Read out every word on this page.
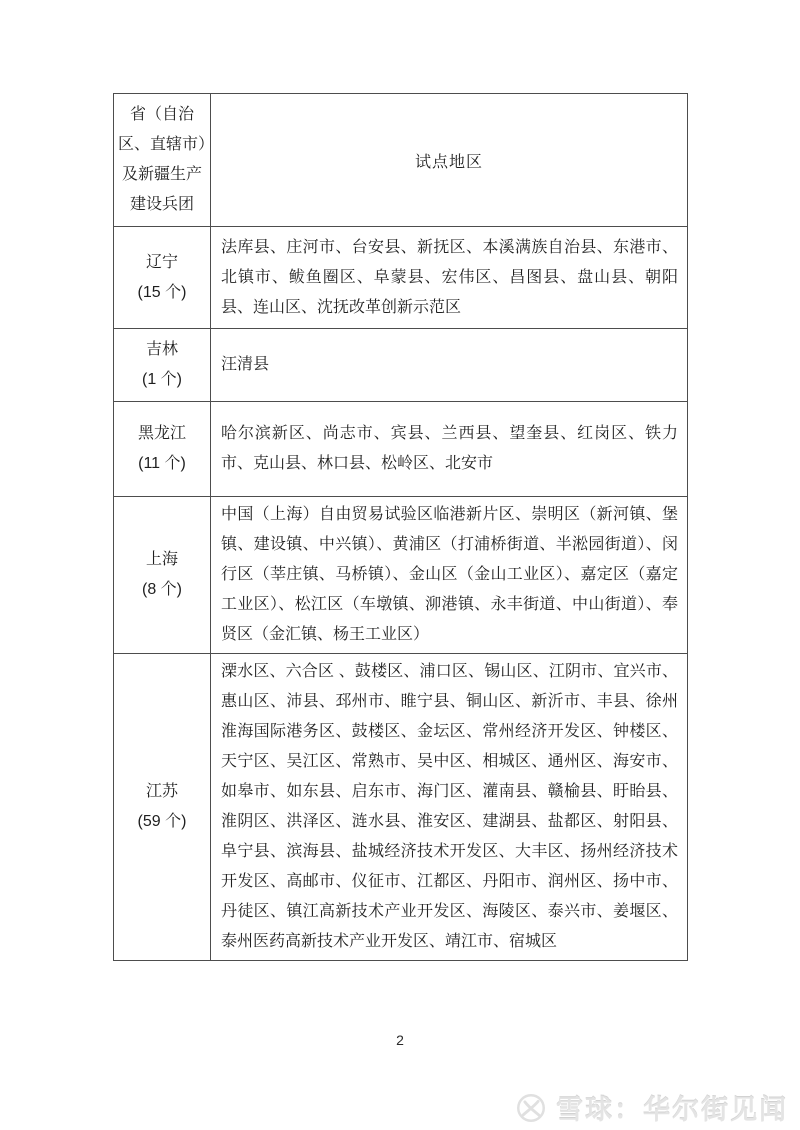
省（自治区、直辖市）及新疆生产建设兵团	试点地区

辽宁
(15 个)	法库县、庄河市、台安县、新抚区、本溪满族自治县、东港市、北镇市、鲅鱼圈区、阜蒙县、宏伟区、昌图县、盘山县、朝阳县、连山区、沈抚改革创新示范区

吉林
(1 个)	汪清县

黑龙江
(11 个)	哈尔滨新区、尚志市、宾县、兰西县、望奎县、红岗区、铁力市、克山县、林口县、松岭区、北安市

上海
(8 个)	中国（上海）自由贸易试验区临港新片区、崇明区（新河镇、堡镇、建设镇、中兴镇）、黄浦区（打浦桥街道、半淞园街道）、闵行区（莘庄镇、马桥镇）、金山区（金山工业区）、嘉定区（嘉定工业区）、松江区（车墩镇、泖港镇、永丰街道、中山街道）、奉贤区（金汇镇、杨王工业区）

江苏
(59 个)	溧水区、六合区 、鼓楼区、浦口区、锡山区、江阴市、宜兴市、惠山区、沛县、邳州市、睢宁县、铜山区、新沂市、丰县、徐州淮海国际港务区、鼓楼区、金坛区、常州经济开发区、钟楼区、天宁区、吴江区、常熟市、吴中区、相城区、通州区、海安市、如皋市、如东县、启东市、海门区、灌南县、赣榆县、盱眙县、淮阴区、洪泽区、涟水县、淮安区、建湖县、盐都区、射阳县、阜宁县、滨海县、盐城经济技术开发区、大丰区、扬州经济技术开发区、高邮市、仪征市、江都区、丹阳市、润州区、扬中市、丹徒区、镇江高新技术产业开发区、海陵区、泰兴市、姜堰区、泰州医药高新技术产业开发区、靖江市、宿城区
2
雪球：华尔街见闻
